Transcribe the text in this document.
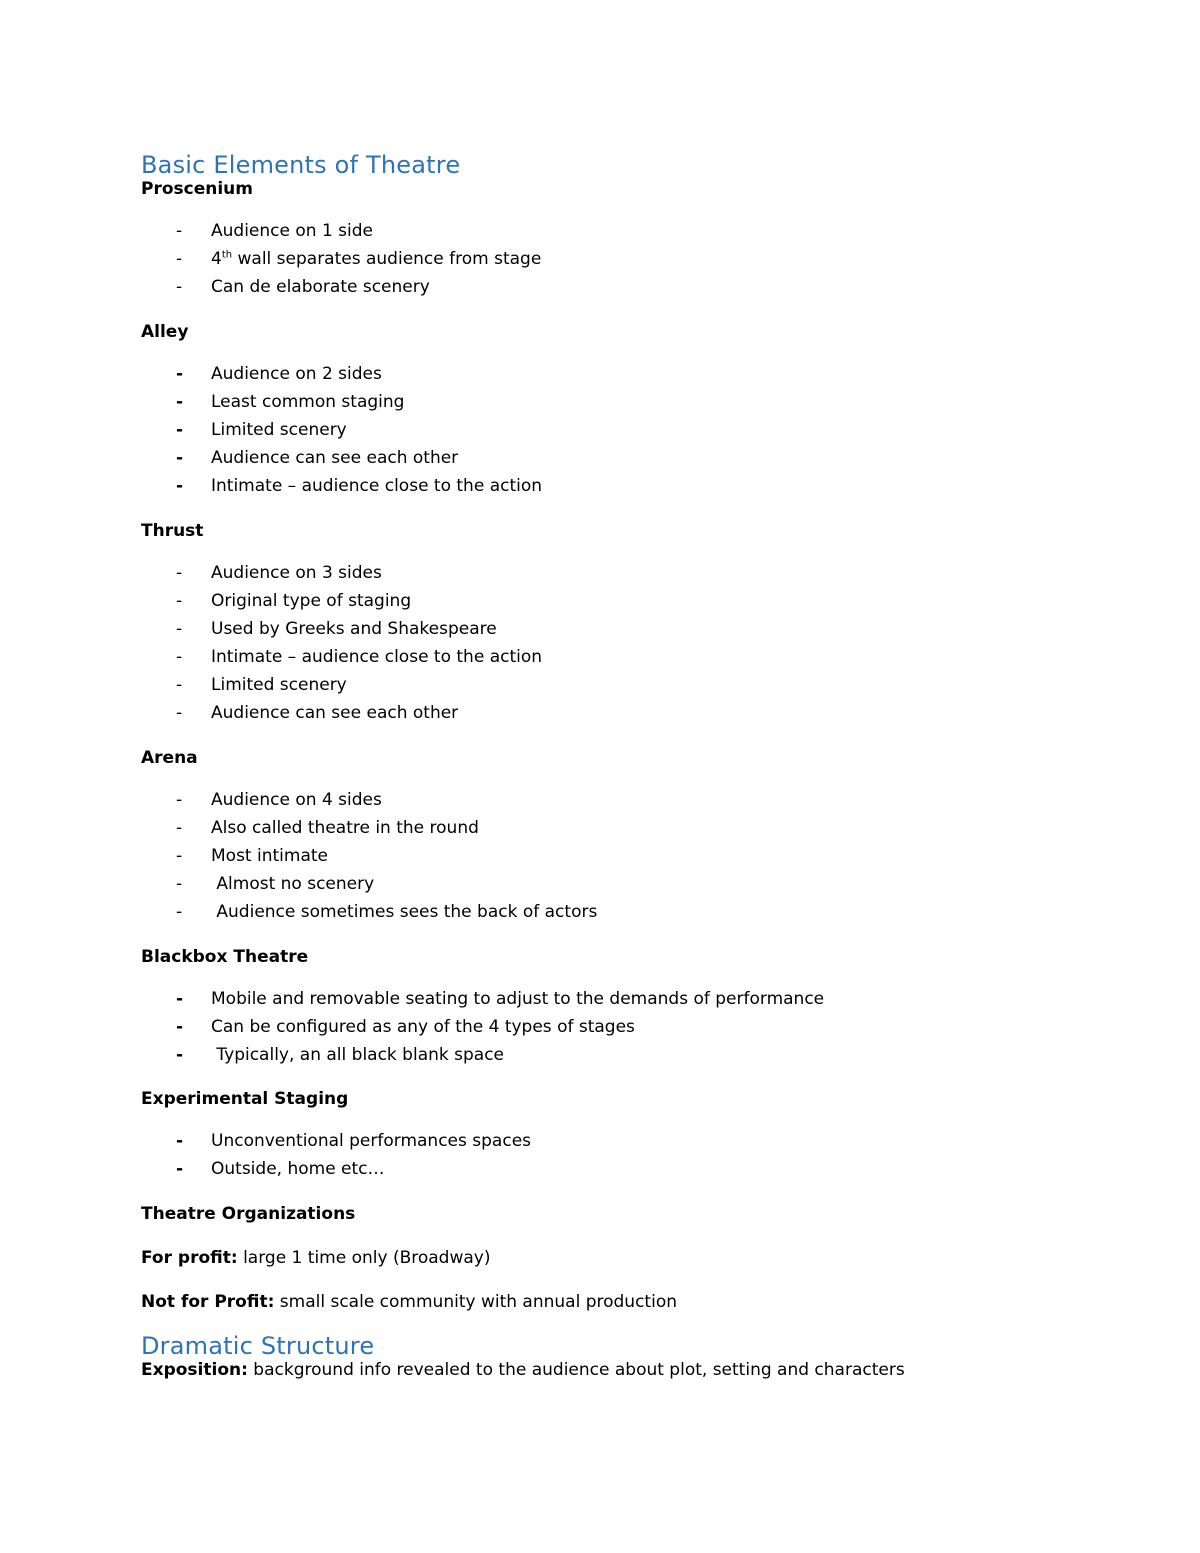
Basic Elements of Theatre
Proscenium
- Audience on 1 side
- 4th wall separates audience from stage
- Can de elaborate scenery
Alley
- Audience on 2 sides
- Least common staging
- Limited scenery
- Audience can see each other
- Intimate – audience close to the action
Thrust
- Audience on 3 sides
- Original type of staging
- Used by Greeks and Shakespeare
- Intimate – audience close to the action
- Limited scenery
- Audience can see each other
Arena
- Audience on 4 sides
- Also called theatre in the round
- Most intimate
- Almost no scenery
- Audience sometimes sees the back of actors
Blackbox Theatre
- Mobile and removable seating to adjust to the demands of performance
- Can be configured as any of the 4 types of stages
- Typically, an all black blank space
Experimental Staging
- Unconventional performances spaces
- Outside, home etc…
Theatre Organizations

For profit: large 1 time only (Broadway)

Not for Profit: small scale community with annual production

Dramatic Structure

Exposition: background info revealed to the audience about plot, setting and characters
